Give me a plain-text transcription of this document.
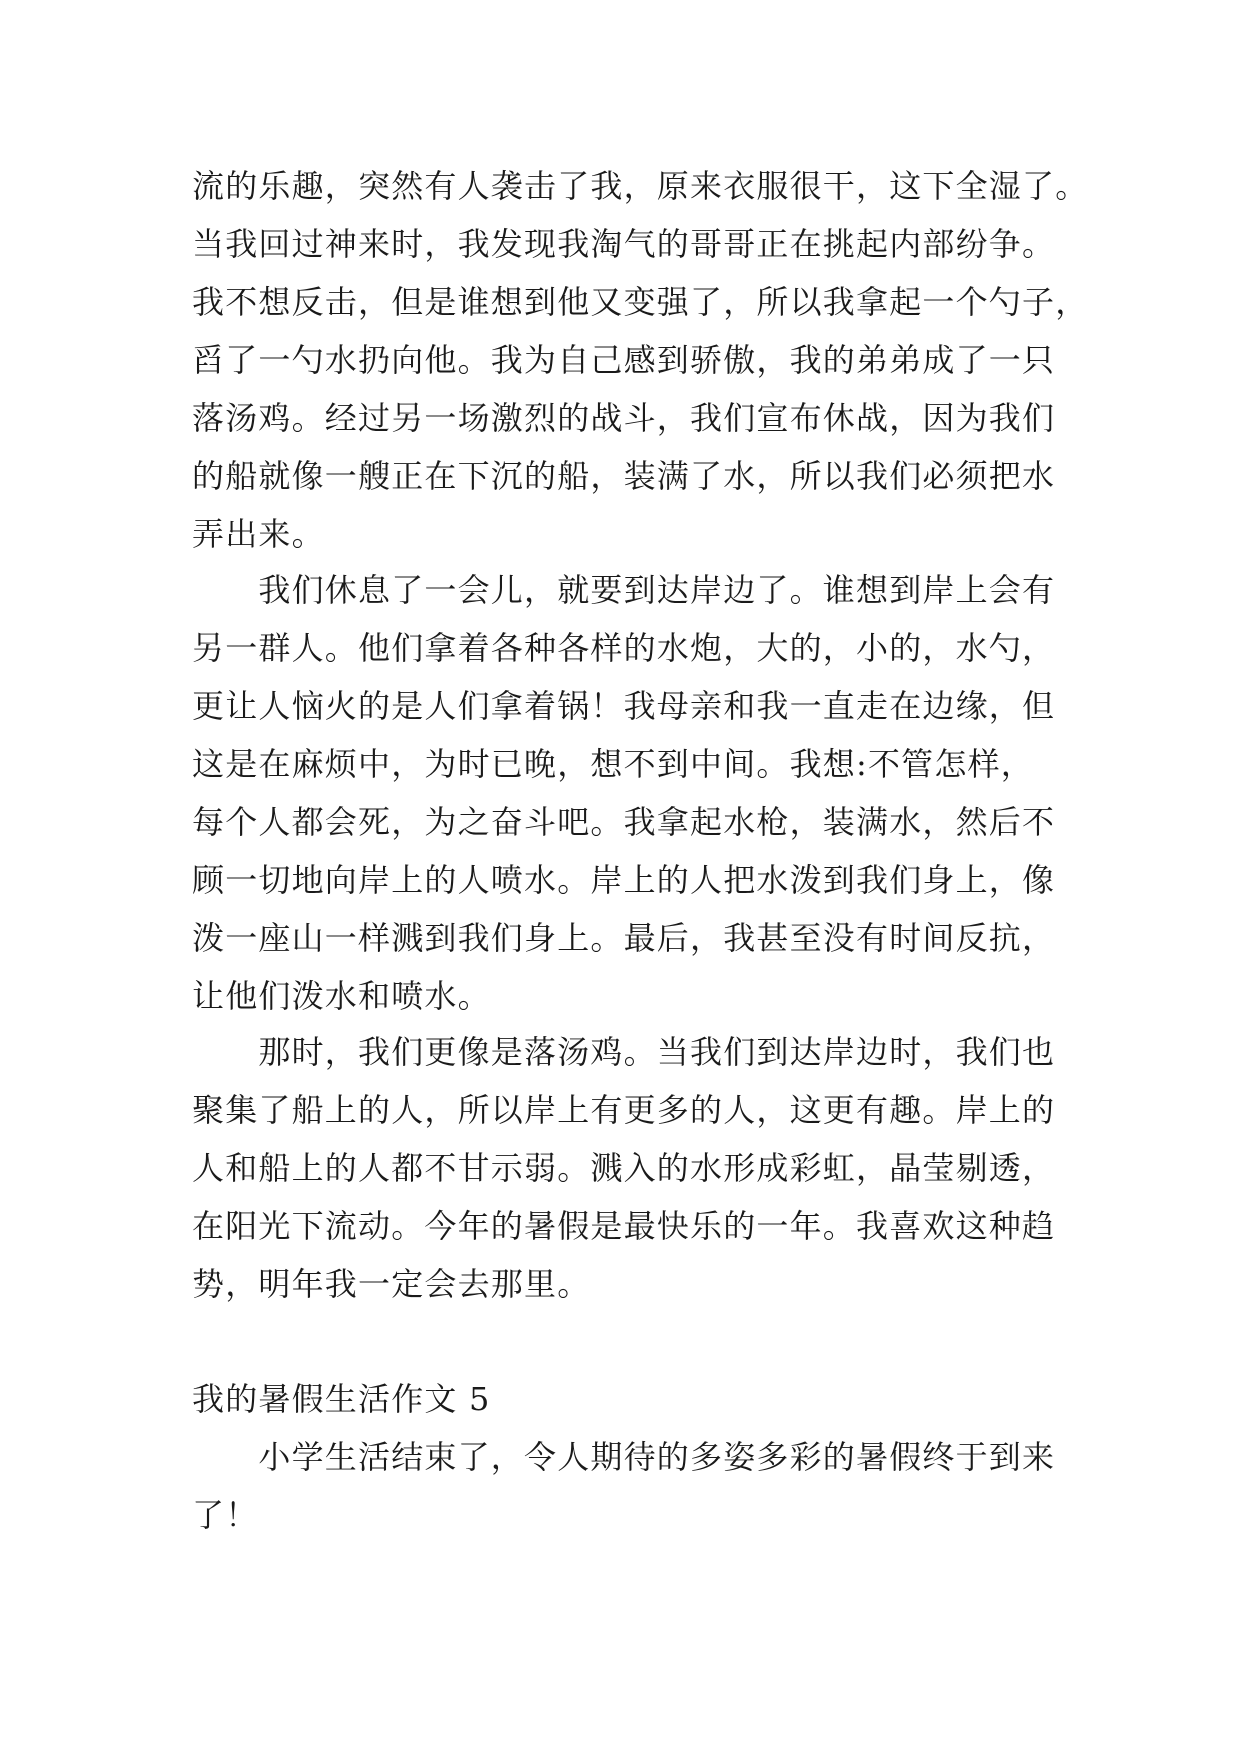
流的乐趣，突然有人袭击了我，原来衣服很干，这下全湿了。
当我回过神来时，我发现我淘气的哥哥正在挑起内部纷争。
我不想反击，但是谁想到他又变强了，所以我拿起一个勺子，
舀了一勺水扔向他。我为自己感到骄傲，我的弟弟成了一只
落汤鸡。经过另一场激烈的战斗，我们宣布休战，因为我们
的船就像一艘正在下沉的船，装满了水，所以我们必须把水
弄出来。
　　我们休息了一会儿，就要到达岸边了。谁想到岸上会有
另一群人。他们拿着各种各样的水炮，大的，小的，水勺，
更让人恼火的是人们拿着锅！我母亲和我一直走在边缘，但
这是在麻烦中，为时已晚，想不到中间。我想:不管怎样，
每个人都会死，为之奋斗吧。我拿起水枪，装满水，然后不
顾一切地向岸上的人喷水。岸上的人把水泼到我们身上，像
泼一座山一样溅到我们身上。最后，我甚至没有时间反抗，
让他们泼水和喷水。
　　那时，我们更像是落汤鸡。当我们到达岸边时，我们也
聚集了船上的人，所以岸上有更多的人，这更有趣。岸上的
人和船上的人都不甘示弱。溅入的水形成彩虹，晶莹剔透，
在阳光下流动。今年的暑假是最快乐的一年。我喜欢这种趋
势，明年我一定会去那里。
我的暑假生活作文 5
　　小学生活结束了，令人期待的多姿多彩的暑假终于到来
了！
